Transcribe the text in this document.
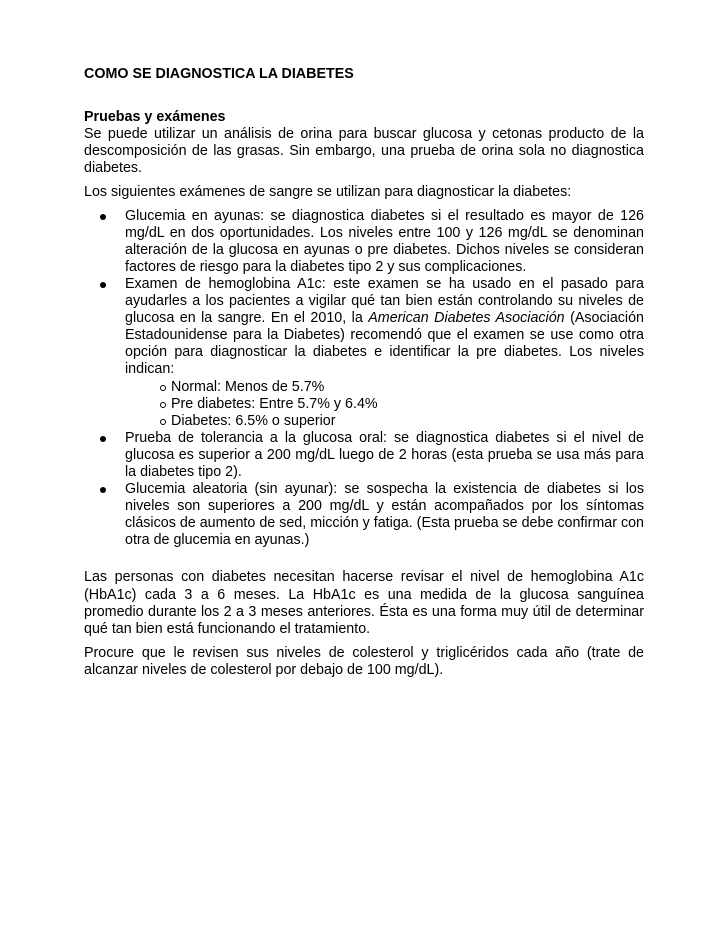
COMO SE DIAGNOSTICA LA DIABETES

Pruebas y exámenes

Se puede utilizar un análisis de orina para buscar glucosa y cetonas producto de la descomposición de las grasas. Sin embargo, una prueba de orina sola no diagnostica diabetes.

Los siguientes exámenes de sangre se utilizan para diagnosticar la diabetes:

Glucemia en ayunas: se diagnostica diabetes si el resultado es mayor de 126 mg/dL en dos oportunidades. Los niveles entre 100 y 126 mg/dL se denominan alteración de la glucosa en ayunas o pre diabetes. Dichos niveles se consideran factores de riesgo para la diabetes tipo 2 y sus complicaciones.
Examen de hemoglobina A1c: este examen se ha usado en el pasado para ayudarles a los pacientes a vigilar qué tan bien están controlando su niveles de glucosa en la sangre. En el 2010, la American Diabetes Asociación (Asociación Estadounidense para la Diabetes) recomendó que el examen se use como otra opción para diagnosticar la diabetes e identificar la pre diabetes. Los niveles indican:
Normal: Menos de 5.7%
Pre diabetes: Entre 5.7% y 6.4%
Diabetes: 6.5% o superior
Prueba de tolerancia a la glucosa oral: se diagnostica diabetes si el nivel de glucosa es superior a 200 mg/dL luego de 2 horas (esta prueba se usa más para la diabetes tipo 2).
Glucemia aleatoria (sin ayunar): se sospecha la existencia de diabetes si los niveles son superiores a 200 mg/dL y están acompañados por los síntomas clásicos de aumento de sed, micción y fatiga. (Esta prueba se debe confirmar con otra de glucemia en ayunas.)

Las personas con diabetes necesitan hacerse revisar el nivel de hemoglobina A1c (HbA1c) cada 3 a 6 meses. La HbA1c es una medida de la glucosa sanguínea promedio durante los 2 a 3 meses anteriores. Ésta es una forma muy útil de determinar qué tan bien está funcionando el tratamiento.

Procure que le revisen sus niveles de colesterol y triglicéridos cada año (trate de alcanzar niveles de colesterol por debajo de 100 mg/dL).
